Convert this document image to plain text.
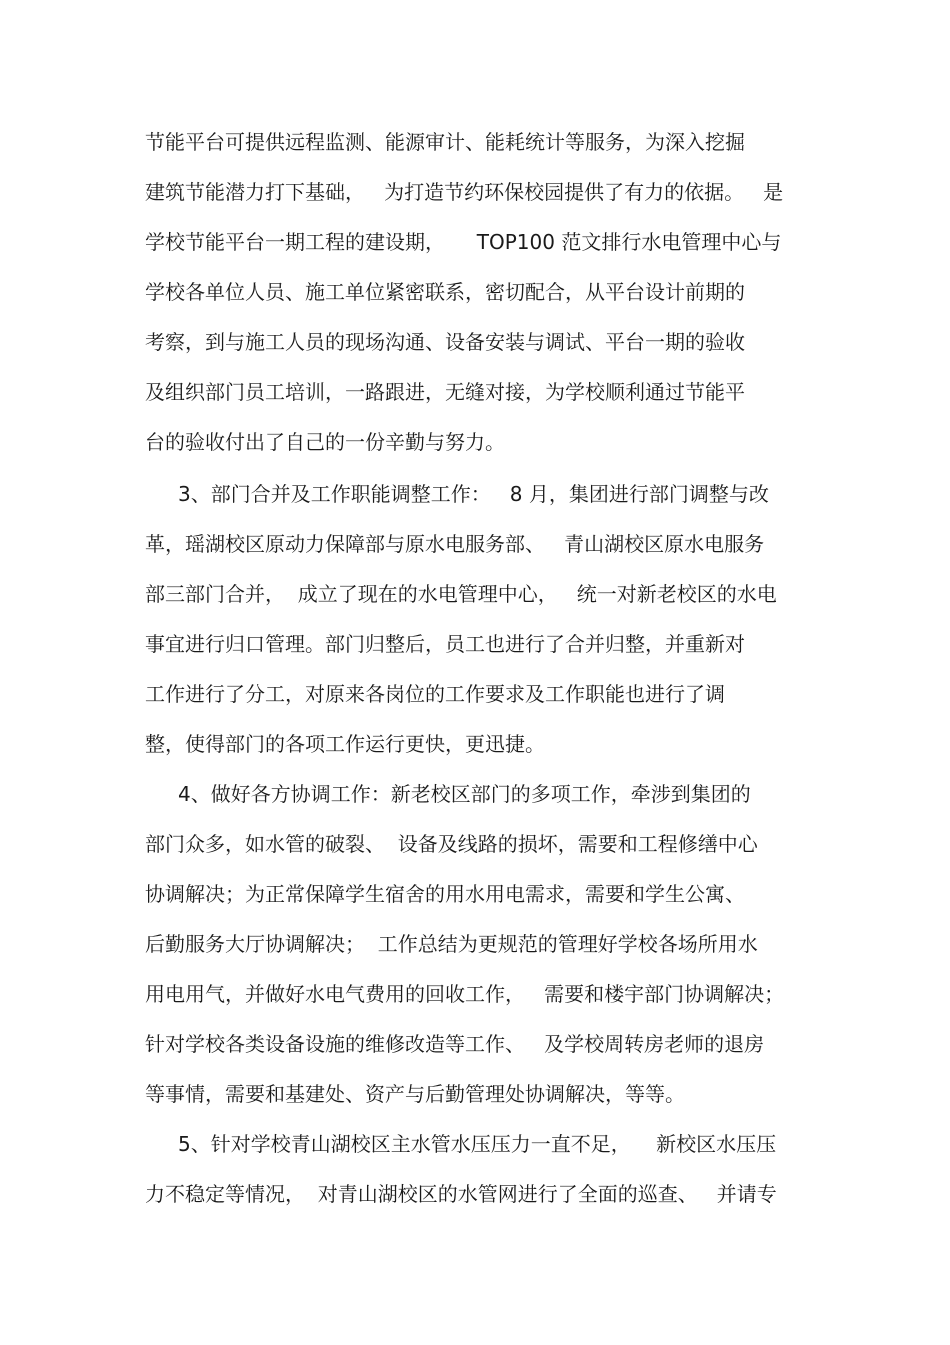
节能平台可提供远程监测、能源审计、能耗统计等服务，为深入挖掘
建筑节能潜力打下基础，   为打造节约环保校园提供了有力的依据。   是
学校节能平台一期工程的建设期，     TOP100 范文排行水电管理中心与
学校各单位人员、施工单位紧密联系，密切配合，从平台设计前期的
考察，到与施工人员的现场沟通、设备安装与调试、平台一期的验收
及组织部门员工培训，一路跟进，无缝对接，为学校顺利通过节能平
台的验收付出了自己的一份辛勤与努力。
3、部门合并及工作职能调整工作：   8 月，集团进行部门调整与改
革，瑶湖校区原动力保障部与原水电服务部、   青山湖校区原水电服务
部三部门合并，  成立了现在的水电管理中心，   统一对新老校区的水电
事宜进行归口管理。部门归整后，员工也进行了合并归整，并重新对
工作进行了分工，对原来各岗位的工作要求及工作职能也进行了调
整，使得部门的各项工作运行更快，更迅捷。
4、做好各方协调工作：新老校区部门的多项工作，牵涉到集团的
部门众多，如水管的破裂、  设备及线路的损坏，需要和工程修缮中心
协调解决；为正常保障学生宿舍的用水用电需求，需要和学生公寓、
后勤服务大厅协调解决；  工作总结为更规范的管理好学校各场所用水
用电用气，并做好水电气费用的回收工作，   需要和楼宇部门协调解决；
针对学校各类设备设施的维修改造等工作、   及学校周转房老师的退房
等事情，需要和基建处、资产与后勤管理处协调解决，等等。
5、针对学校青山湖校区主水管水压压力一直不足，    新校区水压压
力不稳定等情况，  对青山湖校区的水管网进行了全面的巡查、   并请专
